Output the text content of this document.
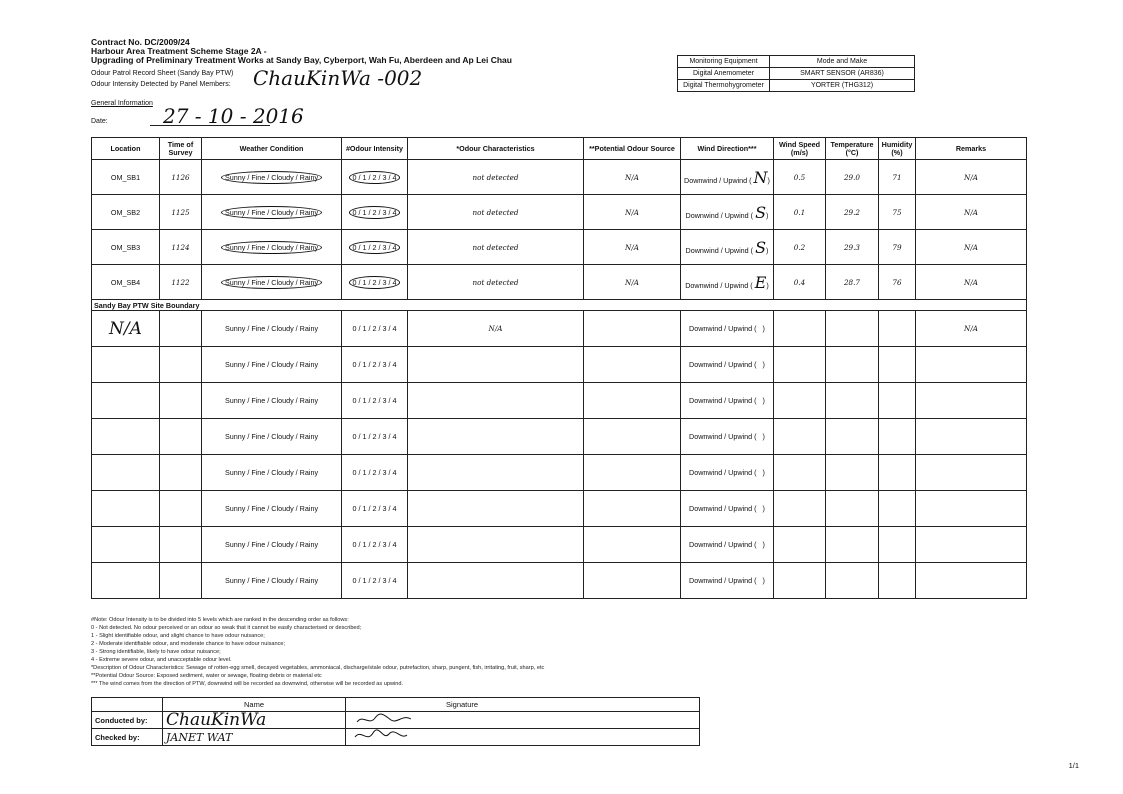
Contract No. DC/2009/24
Harbour Area Treatment Scheme Stage 2A -
Upgrading of Preliminary Treatment Works at Sandy Bay, Cyberport, Wah Fu, Aberdeen and Ap Lei Chau
Odour Patrol Record Sheet (Sandy Bay PTW)
Odour Intensity Detected by Panel Members: ChauKinWa -002
General Information
Date:	27 - 10 - 2016
Monitoring Equipment	Mode and Make
Digital Anemometer	SMART SENSOR (AR836)
Digital Thermohygrometer	YORTER (THG312)
Location	Time of Survey	Weather Condition	#Odour Intensity	*Odour Characteristics	**Potential Odour Source	Wind Direction***	Wind Speed (m/s)	Temperature (°C)	Humidity (%)	Remarks
OM_SB1	1126	Sunny / Fine / Cloudy / Rainy	0 / 1 / 2 / 3 / 4	not detected	N/A	Downwind / Upwind ( N)	0.5	29.0	71	N/A
OM_SB2	1125	Sunny / Fine / Cloudy / Rainy	0 / 1 / 2 / 3 / 4	not detected	N/A	Downwind / Upwind ( S)	0.1	29.2	75	N/A
OM_SB3	1124	Sunny / Fine / Cloudy / Rainy	0 / 1 / 2 / 3 / 4	not detected	N/A	Downwind / Upwind ( S)	0.2	29.3	79	N/A
OM_SB4	1122	Sunny / Fine / Cloudy / Rainy	0 / 1 / 2 / 3 / 4	not detected	N/A	Downwind / Upwind ( E)	0.4	28.7	76	N/A
Sandy Bay PTW Site Boundary										
N/A		Sunny / Fine / Cloudy / Rainy	0 / 1 / 2 / 3 / 4	N/A		Downwind / Upwind ( )				N/A
		Sunny / Fine / Cloudy / Rainy	0 / 1 / 2 / 3 / 4			Downwind / Upwind ( )				
		Sunny / Fine / Cloudy / Rainy	0 / 1 / 2 / 3 / 4			Downwind / Upwind ( )				
		Sunny / Fine / Cloudy / Rainy	0 / 1 / 2 / 3 / 4			Downwind / Upwind ( )				
		Sunny / Fine / Cloudy / Rainy	0 / 1 / 2 / 3 / 4			Downwind / Upwind ( )				
		Sunny / Fine / Cloudy / Rainy	0 / 1 / 2 / 3 / 4			Downwind / Upwind ( )				
		Sunny / Fine / Cloudy / Rainy	0 / 1 / 2 / 3 / 4			Downwind / Upwind ( )				
		Sunny / Fine / Cloudy / Rainy	0 / 1 / 2 / 3 / 4			Downwind / Upwind ( )				
#Note: Odour Intensity is to be divided into 5 levels which are ranked in the descending order as follows:
0 - Not detected. No odour perceived or an odour so weak that it cannot be easily characterised or described;
1 - Slight identifiable odour, and slight chance to have odour nuisance;
2 - Moderate identifiable odour, and moderate chance to have odour nuisance;
3 - Strong identifiable, likely to have odour nuisance;
4 - Extreme severe odour, and unacceptable odour level.
*Description of Odour Characteristics: Sewage of rotten-egg smell, decayed vegetables, ammoniacal, discharge/stale odour, putrefaction, sharp, pungent, fish, irritating, fruit, sharp, etc
**Potential Odour Source: Exposed sediment, water or sewage, floating debris or material etc
*** The wind comes from the direction of PTW, downwind will be recorded as downwind, otherwise will be recorded as upwind.
	Name	Signature
Conducted by:	ChauKinWa	
Checked by:	JANET WAT	
1/1
